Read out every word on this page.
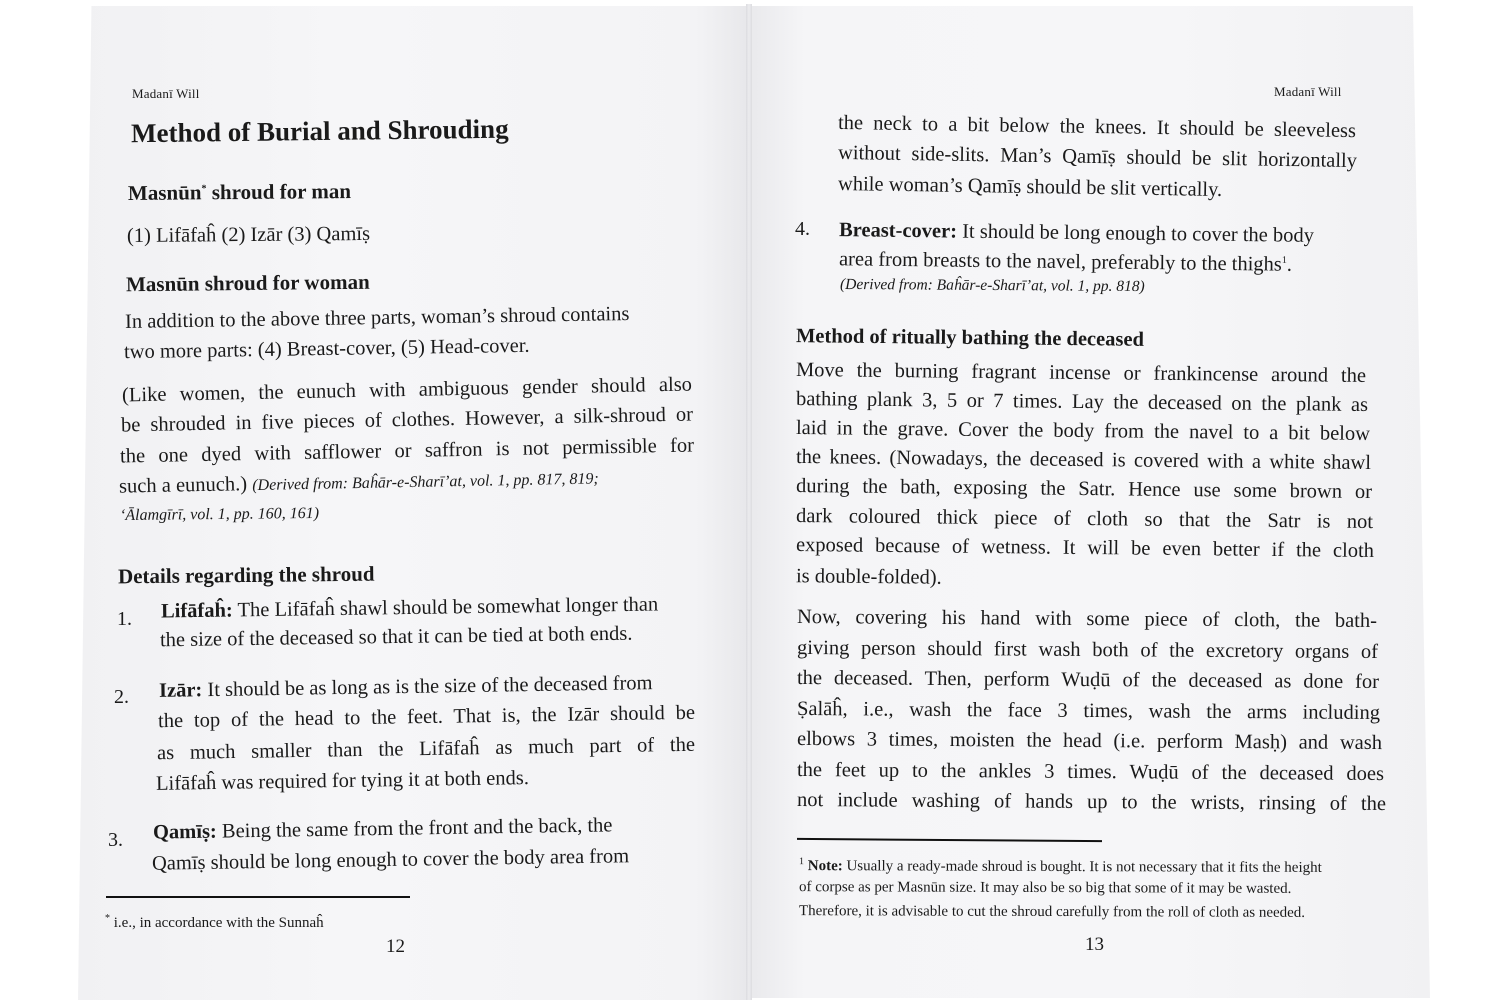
Madanī Will
Method of Burial and Shrouding
Masnūn* shroud for man
(1) Lifāfaĥ (2) Izār (3) Qamīṣ
Masnūn shroud for woman
In addition to the above three parts, woman’s shroud contains
two more parts: (4) Breast-cover, (5) Head-cover.
(Like women, the eunuch with ambiguous gender should also
be shrouded in five pieces of clothes. However, a silk-shroud or
the one dyed with safflower or saffron is not permissible for
such a eunuch.) (Derived from: Baĥār-e-Sharī’at, vol. 1, pp. 817, 819;
‘Ālamgīrī, vol. 1, pp. 160, 161)
Details regarding the shroud
1. Lifāfaĥ: The Lifāfaĥ shawl should be somewhat longer than
the size of the deceased so that it can be tied at both ends.
2. Izār: It should be as long as is the size of the deceased from
the top of the head to the feet. That is, the Izār should be
as much smaller than the Lifāfaĥ as much part of the
Lifāfaĥ was required for tying it at both ends.
3. Qamīṣ: Being the same from the front and the back, the
Qamīṣ should be long enough to cover the body area from
* i.e., in accordance with the Sunnaĥ
12
Madanī Will
the neck to a bit below the knees. It should be sleeveless
without side-slits. Man’s Qamīṣ should be slit horizontally
while woman’s Qamīṣ should be slit vertically.
4. Breast-cover: It should be long enough to cover the body
area from breasts to the navel, preferably to the thighs$^1$.
(Derived from: Baĥār-e-Sharī’at, vol. 1, pp. 818)
Method of ritually bathing the deceased
Move the burning fragrant incense or frankincense around the
bathing plank 3, 5 or 7 times. Lay the deceased on the plank as
laid in the grave. Cover the body from the navel to a bit below
the knees. (Nowadays, the deceased is covered with a white shawl
during the bath, exposing the Satr. Hence use some brown or
dark coloured thick piece of cloth so that the Satr is not
exposed because of wetness. It will be even better if the cloth
is double-folded).
Now, covering his hand with some piece of cloth, the bath-
giving person should first wash both of the excretory organs of
the deceased. Then, perform Wuḍū of the deceased as done for
Ṣalāĥ, i.e., wash the face 3 times, wash the arms including
elbows 3 times, moisten the head (i.e. perform Masḥ) and wash
the feet up to the ankles 3 times. Wuḍū of the deceased does
not include washing of hands up to the wrists, rinsing of the
$^1$ Note: Usually a ready-made shroud is bought. It is not necessary that it fits the height
of corpse as per Masnūn size. It may also be so big that some of it may be wasted.
Therefore, it is advisable to cut the shroud carefully from the roll of cloth as needed.
13
